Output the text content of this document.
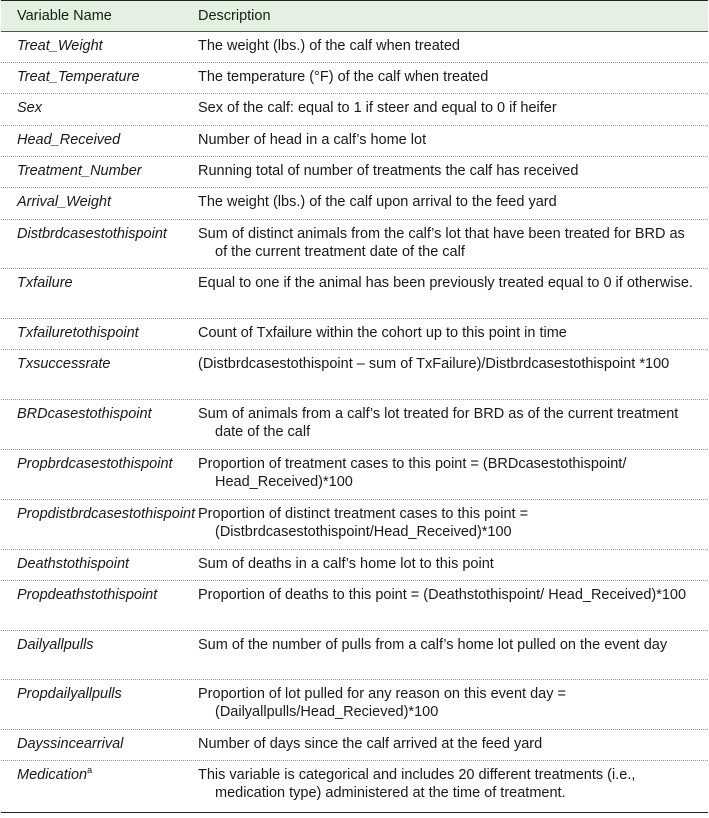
Variable Name	Description
Treat_Weight	The weight (lbs.) of the calf when treated
Treat_Temperature	The temperature (°F) of the calf when treated
Sex	Sex of the calf: equal to 1 if steer and equal to 0 if heifer
Head_Received	Number of head in a calf’s home lot
Treatment_Number	Running total of number of treatments the calf has received
Arrival_Weight	The weight (lbs.) of the calf upon arrival to the feed yard
Distbrdcasestothispoint	Sum of distinct animals from the calf’s lot that have been treated for BRD as of the current treatment date of the calf
Txfailure	Equal to one if the animal has been previously treated equal to 0 if otherwise.
Txfailuretothispoint	Count of Txfailure within the cohort up to this point in time
Txsuccessrate	(Distbrdcasestothispoint – sum of TxFailure)/Distbrdcasestothispoint *100
BRDcasestothispoint	Sum of animals from a calf’s lot treated for BRD as of the current treatment date of the calf
Propbrdcasestothispoint	Proportion of treatment cases to this point = (BRDcasestothispoint/ Head_Received)*100
Propdistbrdcasestothispoint Proportion of distinct treatment cases to this point = (Distbrdcasestothispoint/Head_Received)*100
Deathstothispoint	Sum of deaths in a calf’s home lot to this point
Propdeathstothispoint	Proportion of deaths to this point = (Deathstothispoint/ Head_Received)*100
Dailyallpulls	Sum of the number of pulls from a calf’s home lot pulled on the event day
Propdailyallpulls	Proportion of lot pulled for any reason on this event day = (Dailyallpulls/Head_Recieved)*100
Dayssincearrival	Number of days since the calf arrived at the feed yard
Medication$^a$	This variable is categorical and includes 20 different treatments (i.e., medication type) administered at the time of treatment.
